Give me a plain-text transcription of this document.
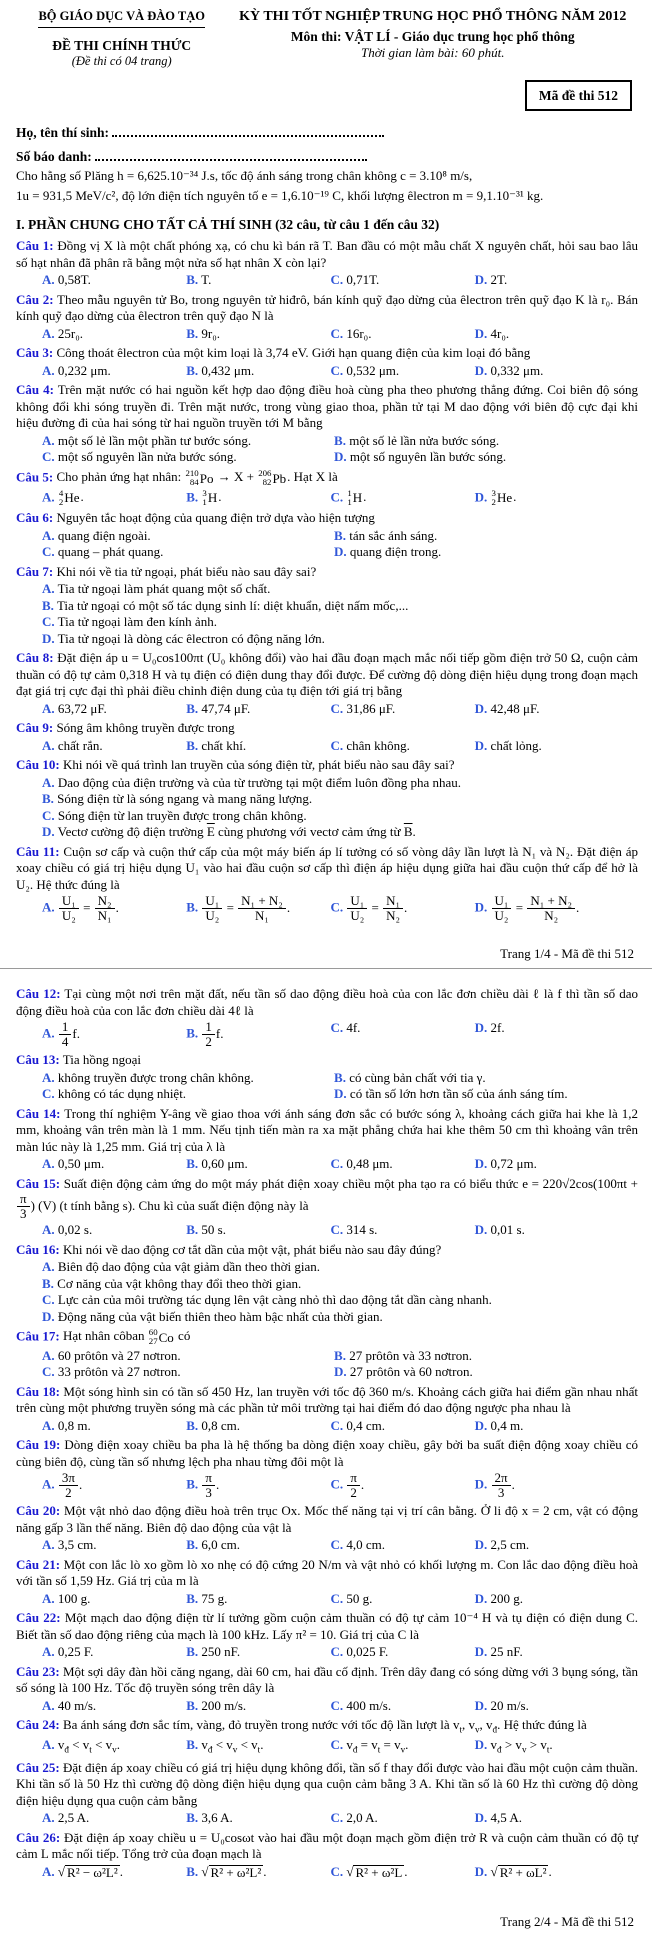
BỘ GIÁO DỤC VÀ ĐÀO TẠO
ĐỀ THI CHÍNH THỨC
(Đề thi có 04 trang)
KỲ THI TỐT NGHIỆP TRUNG HỌC PHỔ THÔNG NĂM 2012
Môn thi: VẬT LÍ - Giáo dục trung học phổ thông
Thời gian làm bài: 60 phút.
Mã đề thi 512

Họ, tên thí sinh:

Số báo danh:

Cho hằng số Plăng h = 6,625.10⁻³⁴ J.s, tốc độ ánh sáng trong chân không c = 3.10⁸ m/s,

1u = 931,5 MeV/c², độ lớn điện tích nguyên tố e = 1,6.10⁻¹⁹ C, khối lượng êlectron m = 9,1.10⁻³¹ kg.

I. PHẦN CHUNG CHO TẤT CẢ THÍ SINH (32 câu, từ câu 1 đến câu 32)

Câu 1: Đồng vị X là một chất phóng xạ, có chu kì bán rã T. Ban đầu có một mẫu chất X nguyên chất, hỏi sau bao lâu số hạt nhân đã phân rã bằng một nửa số hạt nhân X còn lại?

A. 0,58T.	B. T.	C. 0,71T.	D. 2T.

Câu 2: Theo mẫu nguyên tử Bo, trong nguyên tử hiđrô, bán kính quỹ đạo dừng của êlectron trên quỹ đạo K là r₀. Bán kính quỹ đạo dừng của êlectron trên quỹ đạo N là

A. 25r₀.	B. 9r₀.	C. 16r₀.	D. 4r₀.

Câu 3: Công thoát êlectron của một kim loại là 3,74 eV. Giới hạn quang điện của kim loại đó bằng

A. 0,232 μm.	B. 0,432 μm.	C. 0,532 μm.	D. 0,332 μm.

Câu 4: Trên mặt nước có hai nguồn kết hợp dao động điều hoà cùng pha theo phương thẳng đứng. Coi biên độ sóng không đổi khi sóng truyền đi. Trên mặt nước, trong vùng giao thoa, phần tử tại M dao động với biên độ cực đại khi hiệu đường đi của hai sóng từ hai nguồn truyền tới M bằng

A. một số lẻ lần một phần tư bước sóng.	B. một số lẻ lần nửa bước sóng.
C. một số nguyên lần nửa bước sóng.	D. một số nguyên lần bước sóng.

Câu 5: Cho phản ứng hạt nhân: 210
84 Po → X + 206
82 Pb . Hạt X là

A. 4
2 He .	B. 3
1 H .	C. 1
1 H .	D. 3
2 He .

Câu 6: Nguyên tắc hoạt động của quang điện trở dựa vào hiện tượng

A. quang điện ngoài.	B. tán sắc ánh sáng.
C. quang – phát quang.	D. quang điện trong.

Câu 7: Khi nói về tia tử ngoại, phát biểu nào sau đây sai?

A. Tia tử ngoại làm phát quang một số chất.
B. Tia tử ngoại có một số tác dụng sinh lí: diệt khuẩn, diệt nấm mốc,...
C. Tia tử ngoại làm đen kính ảnh.
D. Tia tử ngoại là dòng các êlectron có động năng lớn.

Câu 8: Đặt điện áp u = U₀cos100πt (U₀ không đổi) vào hai đầu đoạn mạch mắc nối tiếp gồm điện trở 50 Ω, cuộn cảm thuần có độ tự cảm 0,318 H và tụ điện có điện dung thay đổi được. Để cường độ dòng điện hiệu dụng trong đoạn mạch đạt giá trị cực đại thì phải điều chỉnh điện dung của tụ điện tới giá trị bằng

A. 63,72 μF.	B. 47,74 μF.	C. 31,86 μF.	D. 42,48 μF.

Câu 9: Sóng âm không truyền được trong

A. chất rắn.	B. chất khí.	C. chân không.	D. chất lỏng.

Câu 10: Khi nói về quá trình lan truyền của sóng điện từ, phát biểu nào sau đây sai?

A. Dao động của điện trường và của từ trường tại một điểm luôn đồng pha nhau.
B. Sóng điện từ là sóng ngang và mang năng lượng.
C. Sóng điện từ lan truyền được trong chân không.
D. Vectơ cường độ điện trường $\overline{E}$ cùng phương với vectơ cảm ứng từ $\overline{B}$.

Câu 11: Cuộn sơ cấp và cuộn thứ cấp của một máy biến áp lí tưởng có số vòng dây lần lượt là N₁ và N₂. Đặt điện áp xoay chiều có giá trị hiệu dụng U₁ vào hai đầu cuộn sơ cấp thì điện áp hiệu dụng giữa hai đầu cuộn thứ cấp để hở là U₂. Hệ thức đúng là

A. $\frac{\text{U₁}}{\text{U₂}} = \frac{\text{N₂}}{\text{N₁}}$ .	B. $\frac{\text{U₁}}{\text{U₂}} = \frac{\text{N₁ + N₂}}{\text{N₁}}$ .	C. $\frac{\text{U₁}}{\text{U₂}} = \frac{\text{N₁}}{\text{N₂}}$ .	D. $\frac{\text{U₁}}{\text{U₂}} = \frac{\text{N₁ + N₂}}{\text{N₂}}$ .

Trang 1/4 - Mã đề thi 512

Câu 12: Tại cùng một nơi trên mặt đất, nếu tần số dao động điều hoà của con lắc đơn chiều dài ℓ là f thì tần số dao động điều hoà của con lắc đơn chiều dài 4ℓ là

A. $\frac{1}{4} f$.	B. $\frac{1}{2} f$.	C. 4f.	D. 2f.

Câu 13: Tia hồng ngoại

A. không truyền được trong chân không.	B. có cùng bản chất với tia γ.
C. không có tác dụng nhiệt.	D. có tần số lớn hơn tần số của ánh sáng tím.

Câu 14: Trong thí nghiệm Y-âng về giao thoa với ánh sáng đơn sắc có bước sóng λ, khoảng cách giữa hai khe là 1,2 mm, khoảng vân trên màn là 1 mm. Nếu tịnh tiến màn ra xa mặt phẳng chứa hai khe thêm 50 cm thì khoảng vân trên màn lúc này là 1,25 mm. Giá trị của λ là

A. 0,50 μm.	B. 0,60 μm.	C. 0,48 μm.	D. 0,72 μm.

Câu 15: Suất điện động cảm ứng do một máy phát điện xoay chiều một pha tạo ra có biểu thức e = 220√2cos(100πt +
$\frac{\pi}{3}$ ) (V) (t tính bằng s). Chu kì của suất điện động này là

A. 0,02 s.	B. 50 s.	C. 314 s.	D. 0,01 s.

Câu 16: Khi nói về dao động cơ tắt dần của một vật, phát biểu nào sau đây đúng?

A. Biên độ dao động của vật giảm dần theo thời gian.
B. Cơ năng của vật không thay đổi theo thời gian.
C. Lực cản của môi trường tác dụng lên vật càng nhỏ thì dao động tắt dần càng nhanh.
D. Động năng của vật biến thiên theo hàm bậc nhất của thời gian.

Câu 17: Hạt nhân côban 60
27 Co có

A. 60 prôtôn và 27 nơtron.	B. 27 prôtôn và 33 nơtron.
C. 33 prôtôn và 27 nơtron.	D. 27 prôtôn và 60 nơtron.

Câu 18: Một sóng hình sin có tần số 450 Hz, lan truyền với tốc độ 360 m/s. Khoảng cách giữa hai điểm gần nhau nhất trên cùng một phương truyền sóng mà các phần tử môi trường tại hai điểm đó dao động ngược pha nhau là

A. 0,8 m.	B. 0,8 cm.	C. 0,4 cm.	D. 0,4 m.

Câu 19: Dòng điện xoay chiều ba pha là hệ thống ba dòng điện xoay chiều, gây bởi ba suất điện động xoay chiều có cùng biên độ, cùng tần số nhưng lệch pha nhau từng đôi một là

A. $\frac{3\pi}{2}$ .	B. $\frac{\pi}{3}$ .	C. $\frac{\pi}{2}$ .	D. $\frac{2\pi}{3}$ .

Câu 20: Một vật nhỏ dao động điều hoà trên trục Ox. Mốc thế năng tại vị trí cân bằng. Ở li độ x = 2 cm, vật có động năng gấp 3 lần thế năng. Biên độ dao động của vật là

A. 3,5 cm.	B. 6,0 cm.	C. 4,0 cm.	D. 2,5 cm.

Câu 21: Một con lắc lò xo gồm lò xo nhẹ có độ cứng 20 N/m và vật nhỏ có khối lượng m. Con lắc dao động điều hoà với tần số 1,59 Hz. Giá trị của m là

A. 100 g.	B. 75 g.	C. 50 g.	D. 200 g.

Câu 22: Một mạch dao động điện từ lí tưởng gồm cuộn cảm thuần có độ tự cảm 10⁻⁴ H và tụ điện có điện dung C. Biết tần số dao động riêng của mạch là 100 kHz. Lấy π² = 10. Giá trị của C là

A. 0,25 F.	B. 250 nF.	C. 0,025 F.	D. 25 nF.

Câu 23: Một sợi dây đàn hồi căng ngang, dài 60 cm, hai đầu cố định. Trên dây đang có sóng dừng với 3 bụng sóng, tần số sóng là 100 Hz. Tốc độ truyền sóng trên dây là

A. 40 m/s.	B. 200 m/s.	C. 400 m/s.	D. 20 m/s.

Câu 24: Ba ánh sáng đơn sắc tím, vàng, đỏ truyền trong nước với tốc độ lần lượt là $v_t$, $v_v$, $v_đ$. Hệ thức đúng là

A. $v_đ < v_t < v_v$.	B. $v_đ < v_v < v_t$.	C. $v_đ = v_t = v_v$.	D. $v_đ > v_v > v_t$.

Câu 25: Đặt điện áp xoay chiều có giá trị hiệu dụng không đổi, tần số f thay đổi được vào hai đầu một cuộn cảm thuần. Khi tần số là 50 Hz thì cường độ dòng điện hiệu dụng qua cuộn cảm bằng 3 A. Khi tần số là 60 Hz thì cường độ dòng điện hiệu dụng qua cuộn cảm bằng

A. 2,5 A.	B. 3,6 A.	C. 2,0 A.	D. 4,5 A.

Câu 26: Đặt điện áp xoay chiều u = U₀cosωt vào hai đầu một đoạn mạch gồm điện trở R và cuộn cảm thuần có độ tự cảm L mắc nối tiếp. Tổng trở của đoạn mạch là

A. √ R² − ω²L² .	B. √ R² + ω²L² .	C. √ R² + ω²L .	D. √ R² + ωL² .

Trang 2/4 - Mã đề thi 512
